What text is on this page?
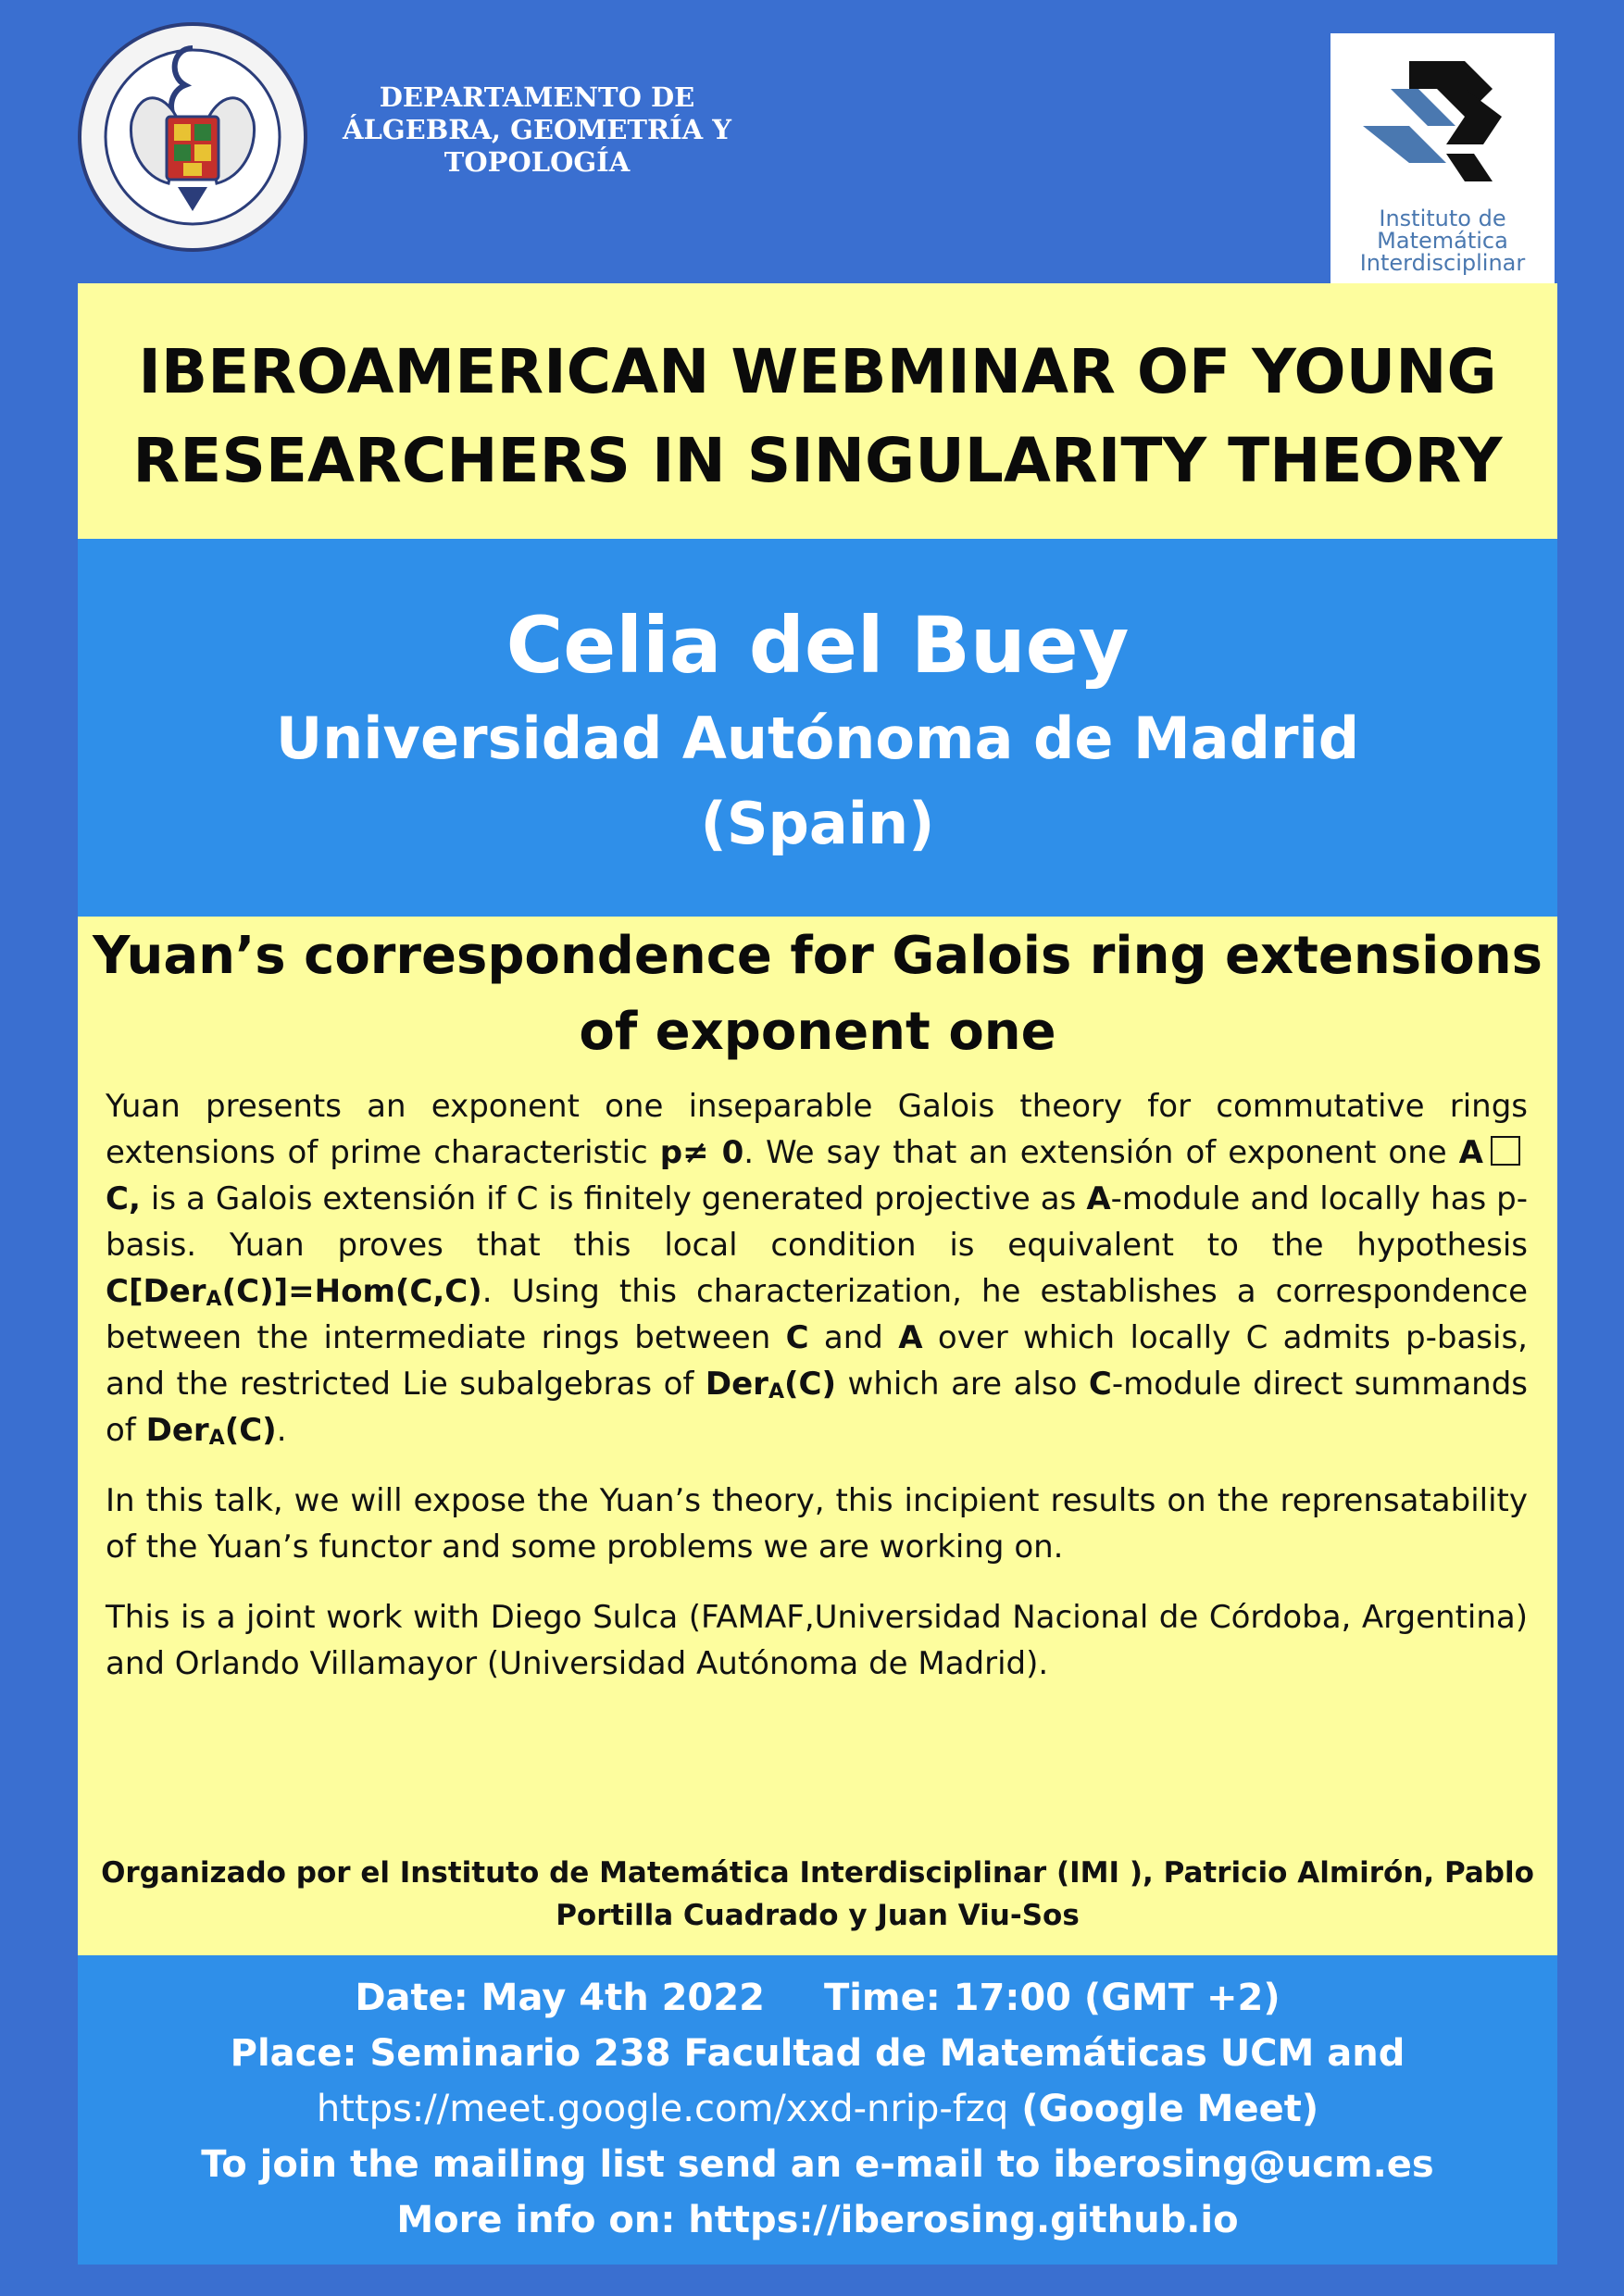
DEPARTAMENTO DE
ÁLGEBRA, GEOMETRÍA Y
TOPOLOGÍA
Instituto de
Matemática
Interdisciplinar
IBEROAMERICAN WEBMINAR OF YOUNG
RESEARCHERS IN SINGULARITY THEORY
Celia del Buey
Universidad Autónoma de Madrid
(Spain)
Yuan’s correspondence for Galois ring extensions
of exponent one

Yuan presents an exponent one inseparable Galois theory for commutative rings extensions of prime characteristic p≠ 0. We say that an extensión of exponent one AC, is a Galois extensión if C is finitely generated projective as A-module and locally has p-basis. Yuan proves that this local condition is equivalent to the hypothesis C[Der$_A$(C)]=Hom(C,C). Using this characterization, he establishes a correspondence between the intermediate rings between C and A over which locally C admits p-basis, and the restricted Lie subalgebras of Der$_A$(C) which are also C-module direct summands of Der$_A$(C).

In this talk, we will expose the Yuan’s theory, this incipient results on the reprensatability of the Yuan’s functor and some problems we are working on.

This is a joint work with Diego Sulca (FAMAF,Universidad Nacional de Córdoba, Argentina) and Orlando Villamayor (Universidad Autónoma de Madrid).

Organizado por el Instituto de Matemática Interdisciplinar (IMI ), Patricio Almirón, Pablo
Portilla Cuadrado y Juan Viu-Sos
Date: May 4th 2022 Time: 17:00 (GMT +2)
Place: Seminario 238 Facultad de Matemáticas UCM and
https://meet.google.com/xxd-nrip-fzq (Google Meet)
To join the mailing list send an e-mail to iberosing@ucm.es
More info on: https://iberosing.github.io
